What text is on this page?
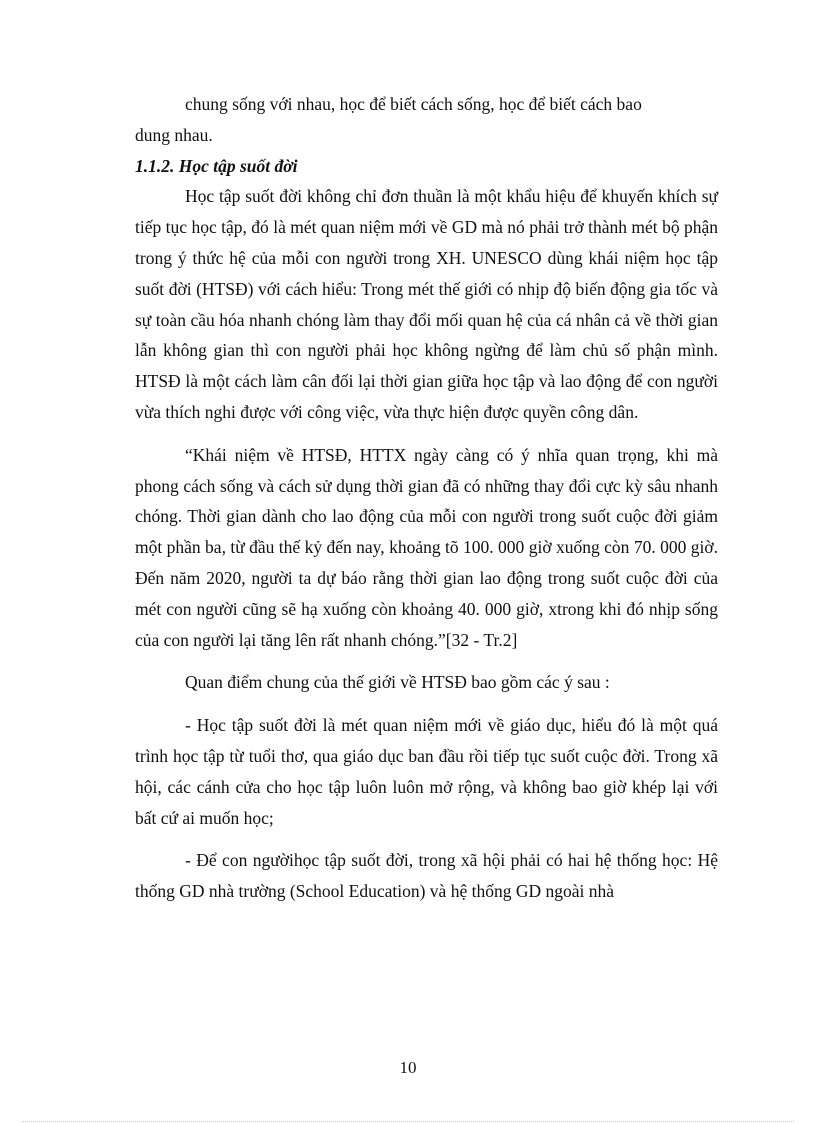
chung sống với nhau, học để biết cách sống, học để biết cách bao

dung nhau.

1.1.2. Học tập suốt đời

Học tập suốt đời không chỉ đơn thuần là một khẩu hiệu để khuyến khích sự tiếp tục học tập, đó là mét quan niệm mới về GD mà nó phải trở thành mét bộ phận trong ý thức hệ của mỗi con người trong XH. UNESCO dùng khái niệm học tập suốt đời (HTSĐ) với cách hiểu: Trong mét thế giới có nhịp độ biến động gia tốc và sự toàn cầu hóa nhanh chóng làm thay đổi mối quan hệ của cá nhân cả về thời gian lẫn không gian thì con người phải học không ngừng để làm chủ số phận mình. HTSĐ là một cách làm cân đối lại thời gian giữa học tập và lao động để con người vừa thích nghi được với công việc, vừa thực hiện được quyền công dân.

“Khái niệm về HTSĐ, HTTX ngày càng có ý nhĩa quan trọng, khi mà phong cách sống và cách sử dụng thời gian đã có những thay đổi cực kỳ sâu nhanh chóng. Thời gian dành cho lao động của mỗi con người trong suốt cuộc đời giảm một phần ba, từ đầu thế kỷ đến nay, khoảng tõ 100. 000 giờ xuống còn 70. 000 giờ. Đến năm 2020, người ta dự báo rằng thời gian lao động trong suốt cuộc đời của mét con người cũng sẽ hạ xuống còn khoảng 40. 000 giờ, xtrong khi đó nhịp sống của con người lại tăng lên rất nhanh chóng.”[32 - Tr.2]

Quan điểm chung của thế giới về HTSĐ bao gồm các ý sau :

- Học tập suốt đời là mét quan niệm mới về giáo dục, hiểu đó là một quá trình học tập từ tuổi thơ, qua giáo dục ban đầu rồi tiếp tục suốt cuộc đời. Trong xã hội, các cánh cửa cho học tập luôn luôn mở rộng, và không bao giờ khép lại với bất cứ ai muốn học;

- Để con ngườihọc tập suốt đời, trong xã hội phải có hai hệ thống học: Hệ thống GD nhà trường (School Education) và hệ thống GD ngoài nhà

10
